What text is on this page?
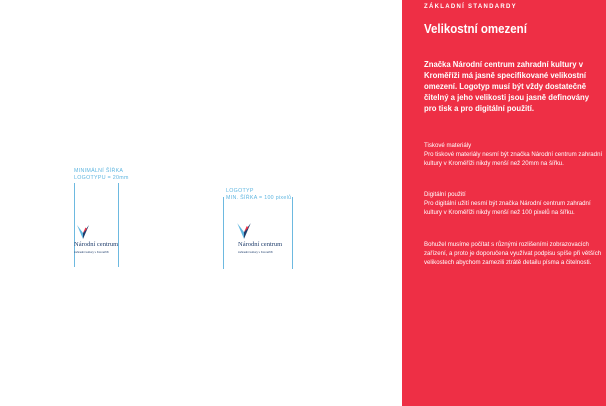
MINIMÁLNÍ ŠÍŘKA
LOGOTYPU = 20mm

Národní centrum

zahradní kultury v Kroměříži

LOGOTYP
MIN. ŠÍŘKA = 100 pixelů

Národní centrum

zahradní kultury v Kroměříži

ZÁKLADNÍ STANDARDY
Velikostní omezení

Značka Národní centrum zahradní kultury v Kroměříži má jasně specifikované velikostní omezení. Logotyp musí být vždy dostatečně čitelný a jeho velikosti jsou jasně definovány pro tisk a pro digitální použití.

Tiskové materiály
Pro tiskové materiály nesmí být značka Národní centrum zahradní kultury v Kroměříži nikdy menší než 20mm na šířku.

Digitální použití
Pro digitální užití nesmí být značka Národní centrum zahradní kultury v Kroměříži nikdy menší než 100 pixelů na šířku.

Bohužel musíme počítat s různými rozlišeními zobrazovacích zařízení, a proto je doporučena využívat podpisu spíše při větších velikostech abychom zamezili ztrátě detailu písma a čitelnosti.
